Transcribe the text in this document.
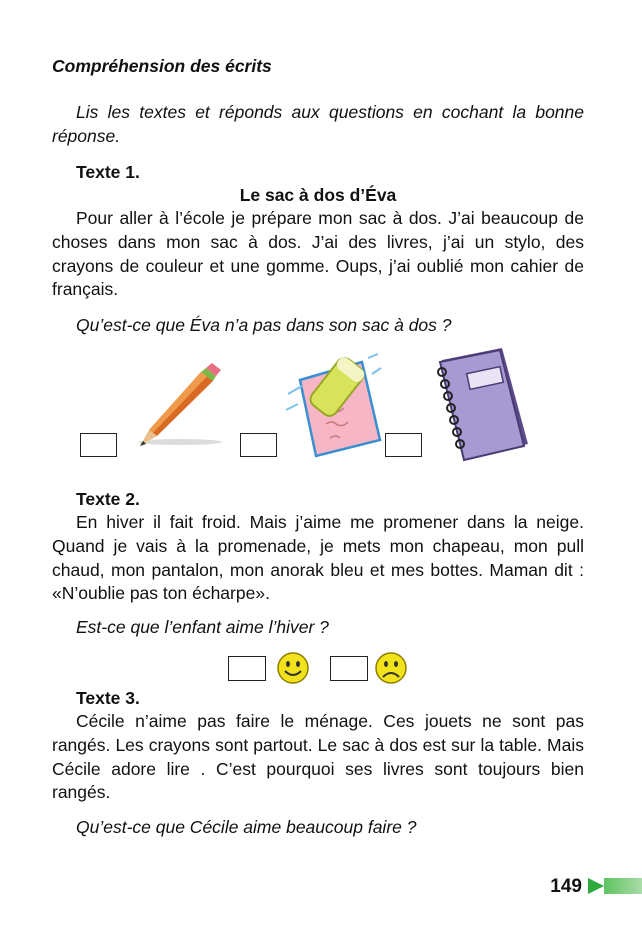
Compréhension des écrits

Lis les textes et réponds aux questions en cochant la bonne réponse.

Texte 1.

Le sac à dos d’Éva

Pour aller à l’école je prépare mon sac à dos. J’ai beaucoup de choses dans mon sac à dos. J’ai des livres, j’ai un stylo, des crayons de couleur et une gomme. Oups, j’ai oublié mon cahier de français.

Qu’est-ce que Éva n’a pas dans son sac à dos ?

Texte 2.

En hiver il fait froid. Mais j’aime me promener dans la neige. Quand je vais à la promenade, je mets mon chapeau, mon pull chaud, mon pantalon, mon anorak bleu et mes bottes. Maman dit : «N’oublie pas ton écharpe».

Est-ce que l’enfant aime l’hiver ?

Texte 3.

Cécile n’aime pas faire le ménage. Ces jouets ne sont pas rangés. Les crayons sont partout. Le sac à dos est sur la table. Mais Cécile adore lire . C’est pourquoi ses livres sont toujours bien rangés.

Qu’est-ce que Cécile aime beaucoup faire ?

149
